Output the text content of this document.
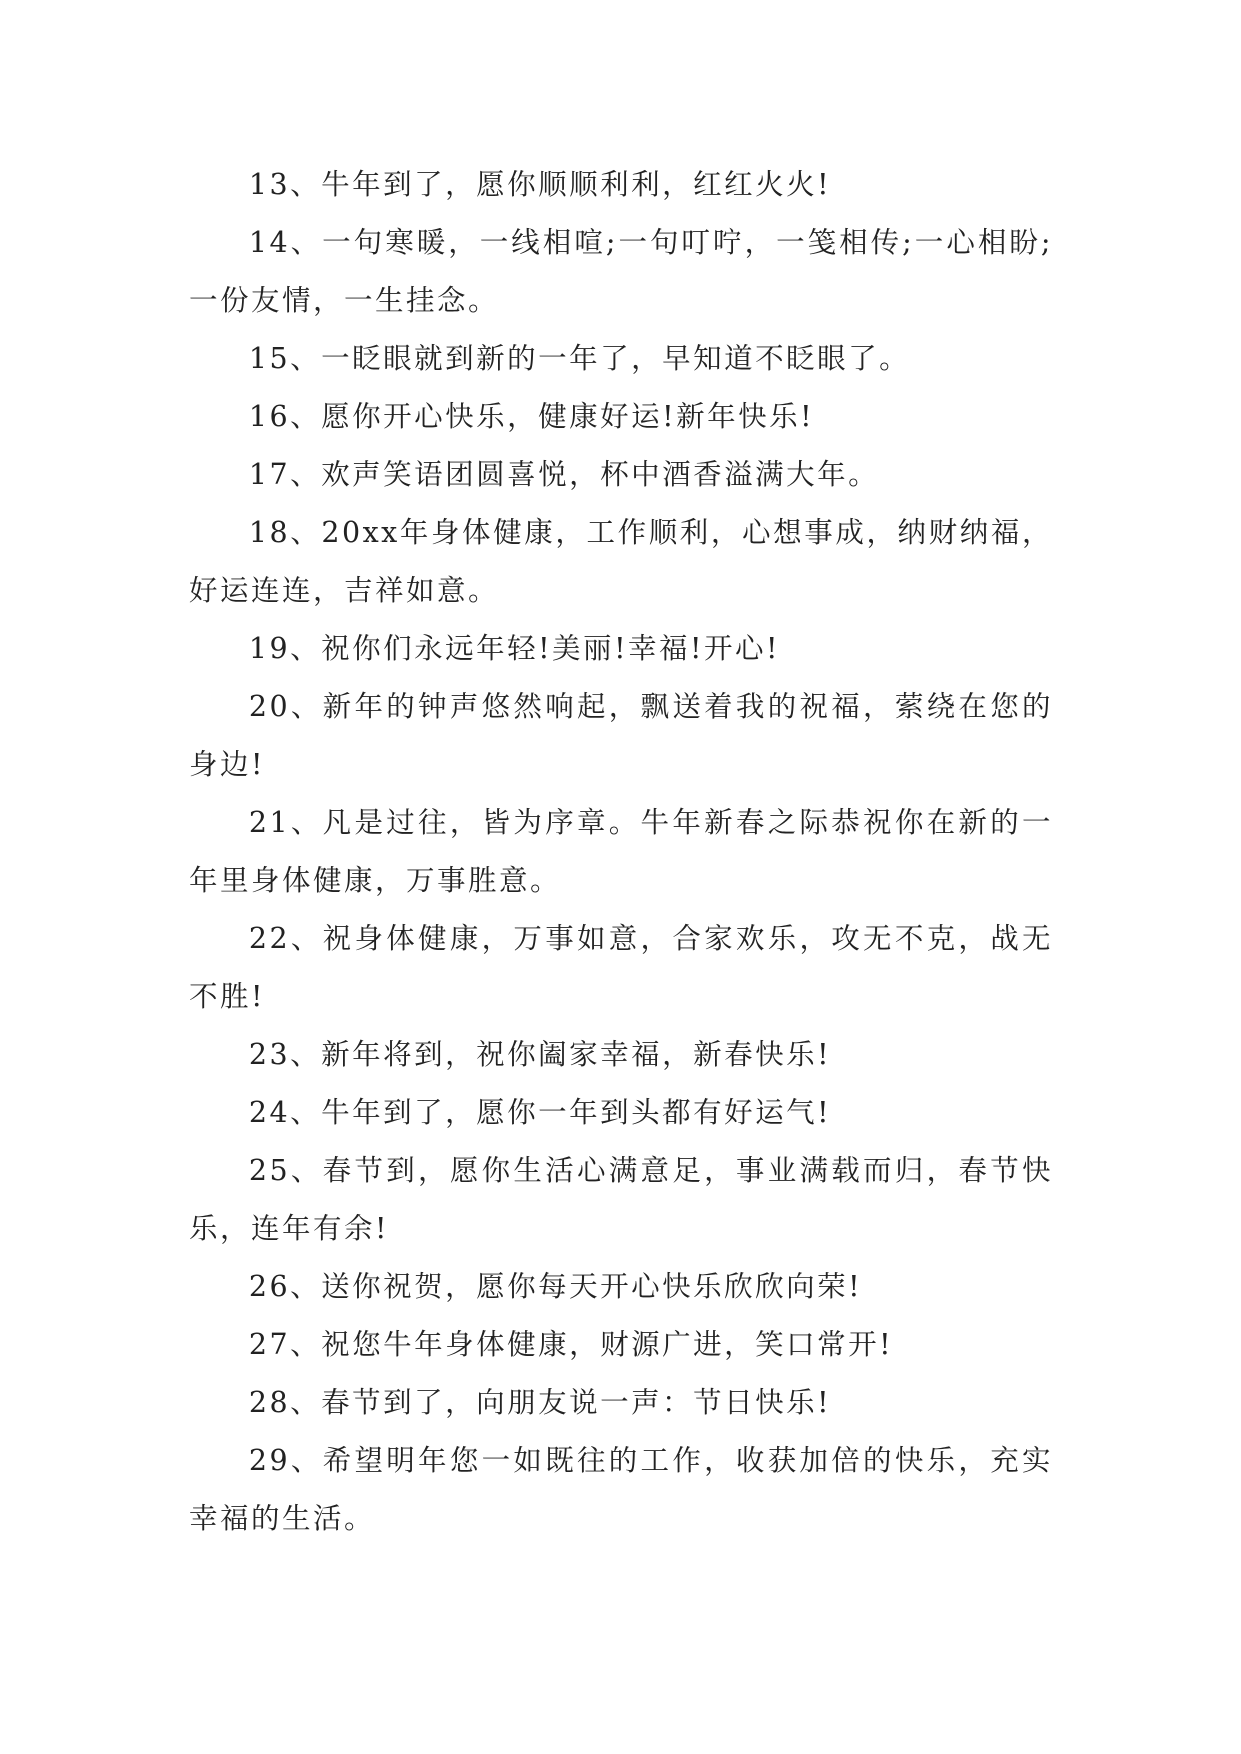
13、牛年到了，愿你顺顺利利，红红火火!

14、一句寒暖，一线相喧;一句叮咛，一笺相传;一心相盼;一份友情，一生挂念。

15、一眨眼就到新的一年了，早知道不眨眼了。

16、愿你开心快乐，健康好运!新年快乐!

17、欢声笑语团圆喜悦，杯中酒香溢满大年。

18、20xx年身体健康，工作顺利，心想事成，纳财纳福，好运连连，吉祥如意。

19、祝你们永远年轻!美丽!幸福!开心!

20、新年的钟声悠然响起，飘送着我的祝福，萦绕在您的身边!

21、凡是过往，皆为序章。牛年新春之际恭祝你在新的一年里身体健康，万事胜意。

22、祝身体健康，万事如意，合家欢乐，攻无不克，战无不胜!

23、新年将到，祝你阖家幸福，新春快乐!

24、牛年到了，愿你一年到头都有好运气!

25、春节到，愿你生活心满意足，事业满载而归，春节快乐，连年有余!

26、送你祝贺，愿你每天开心快乐欣欣向荣!

27、祝您牛年身体健康，财源广进，笑口常开!

28、春节到了，向朋友说一声：节日快乐!

29、希望明年您一如既往的工作，收获加倍的快乐，充实幸福的生活。
